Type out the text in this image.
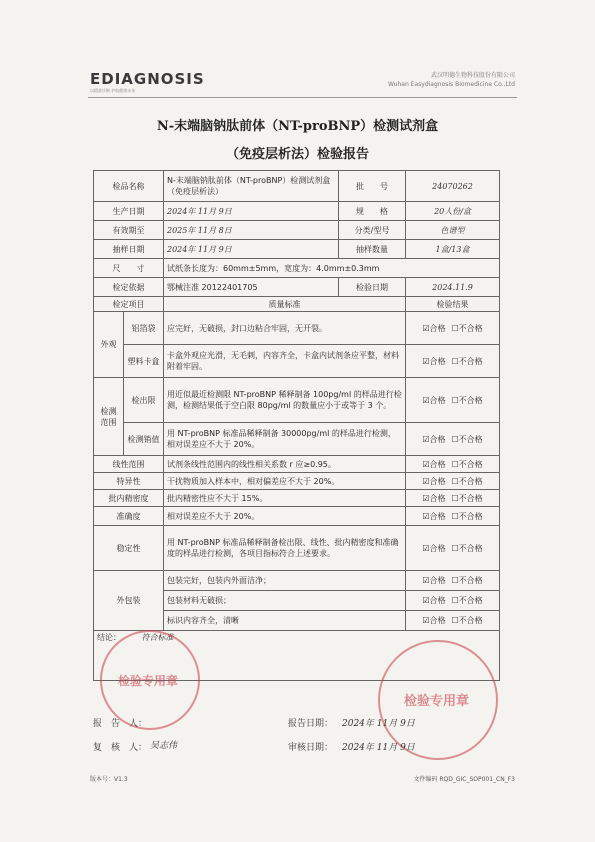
EDIAGNOSIS
以精准诊断 护航健康未来
武汉明德生物科技股份有限公司
Wuhan Easydiagnosis Biomedicine Co.,Ltd
N-末端脑钠肽前体（NT-proBNP）检测试剂盒
（免疫层析法）检验报告
检品名称		N-末端脑钠肽前体（NT-proBNP）检测试剂盒（免疫层析法）	批　　号	24070262
生产日期		2024年 11月 9日	规　　格	20人份/盒
有效期至		2025年 11月 8日	分类/型号	色谱型
抽样日期		2024年 11月 9日	抽样数量	1盒/13盒
尺　　寸		试纸条长度为：60mm±5mm，宽度为：4.0mm±0.3mm		
检定依据		鄂械注准 20122401705	检验日期	2024.11.9
检定项目		质量标准		检验结果
外观	铝箔袋	应完好，无破损，封口边粘合牢固，无开裂。		☑合格 ☐不合格
	塑料卡盒	卡盒外观应光滑，无毛刺，内容齐全，卡盒内试剂条应平整，材料附着牢固。		☑合格 ☐不合格
检测范围	检出限	用近似最近检测限 NT-proBNP 稀释制备 100pg/ml 的样品进行检测，检测结果低于空白限 80pg/ml 的数量应小于或等于 3 个。		☑合格 ☐不合格
	检测销值	用 NT-proBNP 标准品稀释制备 30000pg/ml 的样品进行检测，相对误差应不大于 20%。		☑合格 ☐不合格
线性范围		试剂条线性范围内的线性相关系数 r 应≥0.95。		☑合格 ☐不合格
特异性		干扰物质加入样本中，相对偏差应不大于 20%。		☑合格 ☐不合格
批内精密度		批内精密性应不大于 15%。		☑合格 ☐不合格
准确度		相对误差应不大于 20%。		☑合格 ☐不合格
稳定性		用 NT-proBNP 标准品稀释制备检出限、线性、批内精密度和准确度的样品进行检测，各项目指标符合上述要求。		☑合格 ☐不合格
外包装		包装完好，包装内外面洁净；		☑合格 ☐不合格
		包装材料无破损；		☑合格 ☐不合格
		标识内容齐全，清晰		☑合格 ☐不合格
结论： 符合标准				
检验专用章
检验专用章
报　告　人：	报告日期： 2024年 11月 9日
复　核　人： 吴志伟	审核日期： 2024年 11月 9日
版本号：V1.3	文件编码 RQD_GIC_SOP001_CN_F3
